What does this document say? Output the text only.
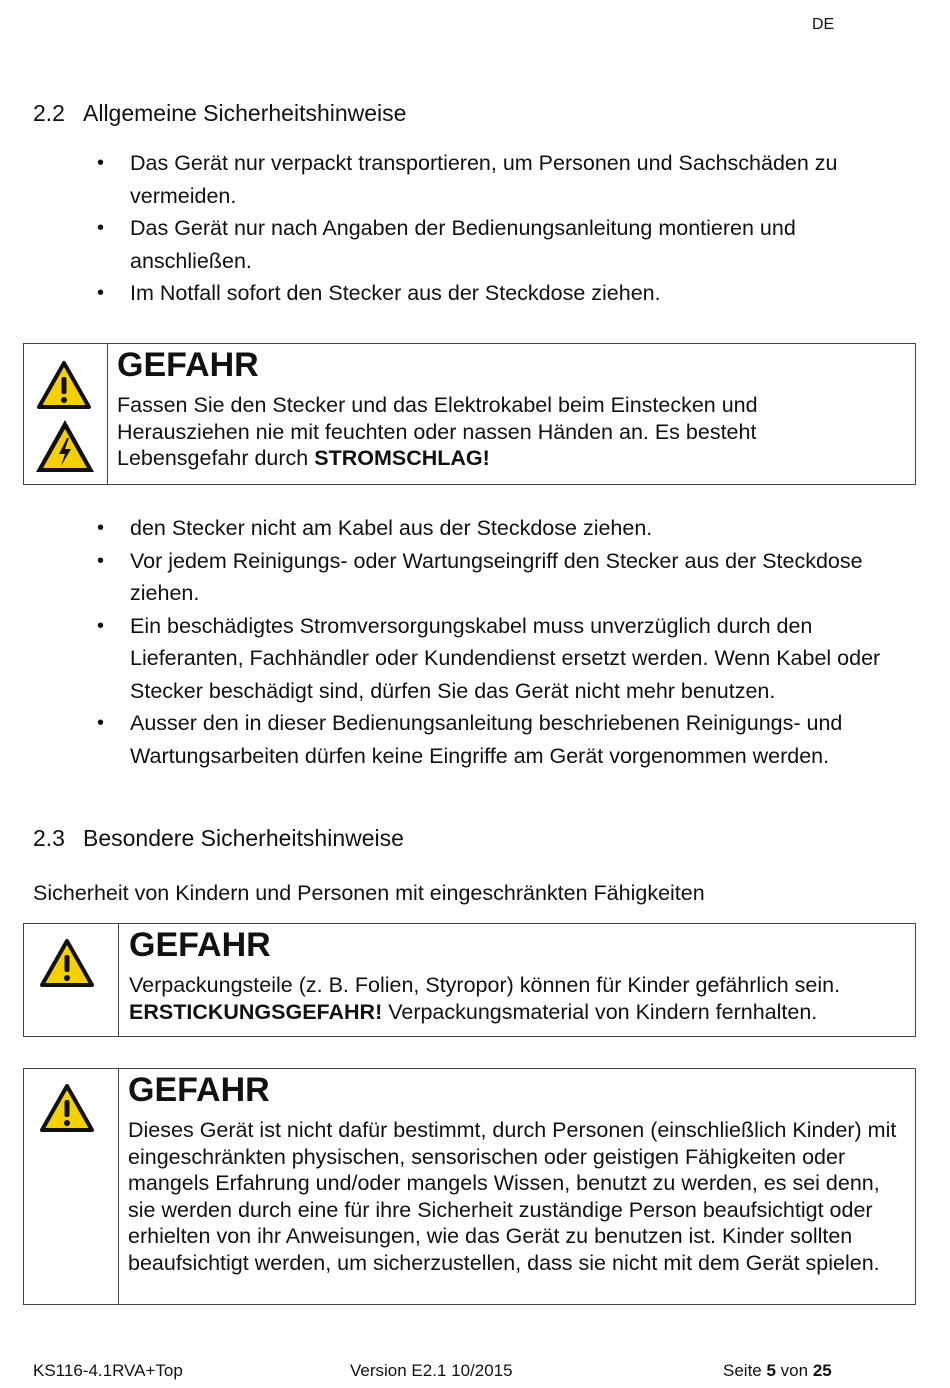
DE
2.2 Allgemeine Sicherheitshinweise
• Das Gerät nur verpackt transportieren, um Personen und Sachschäden zu vermeiden.
• Das Gerät nur nach Angaben der Bedienungsanleitung montieren und anschließen.
• Im Notfall sofort den Stecker aus der Steckdose ziehen.
GEFAHR
Fassen Sie den Stecker und das Elektrokabel beim Einstecken und Herausziehen nie mit feuchten oder nassen Händen an. Es besteht Lebensgefahr durch STROMSCHLAG!
• den Stecker nicht am Kabel aus der Steckdose ziehen.
• Vor jedem Reinigungs- oder Wartungseingriff den Stecker aus der Steckdose ziehen.
• Ein beschädigtes Stromversorgungskabel muss unverzüglich durch den Lieferanten, Fachhändler oder Kundendienst ersetzt werden. Wenn Kabel oder Stecker beschädigt sind, dürfen Sie das Gerät nicht mehr benutzen.
• Ausser den in dieser Bedienungsanleitung beschriebenen Reinigungs- und Wartungsarbeiten dürfen keine Eingriffe am Gerät vorgenommen werden.
2.3 Besondere Sicherheitshinweise
Sicherheit von Kindern und Personen mit eingeschränkten Fähigkeiten
GEFAHR
Verpackungsteile (z. B. Folien, Styropor) können für Kinder gefährlich sein. ERSTICKUNGSGEFAHR! Verpackungsmaterial von Kindern fernhalten.
GEFAHR
Dieses Gerät ist nicht dafür bestimmt, durch Personen (einschließlich Kinder) mit eingeschränkten physischen, sensorischen oder geistigen Fähigkeiten oder mangels Erfahrung und/oder mangels Wissen, benutzt zu werden, es sei denn, sie werden durch eine für ihre Sicherheit zuständige Person beaufsichtigt oder erhielten von ihr Anweisungen, wie das Gerät zu benutzen ist. Kinder sollten beaufsichtigt werden, um sicherzustellen, dass sie nicht mit dem Gerät spielen.
KS116-4.1RVA+Top	Version E2.1 10/2015	Seite 5 von 25
